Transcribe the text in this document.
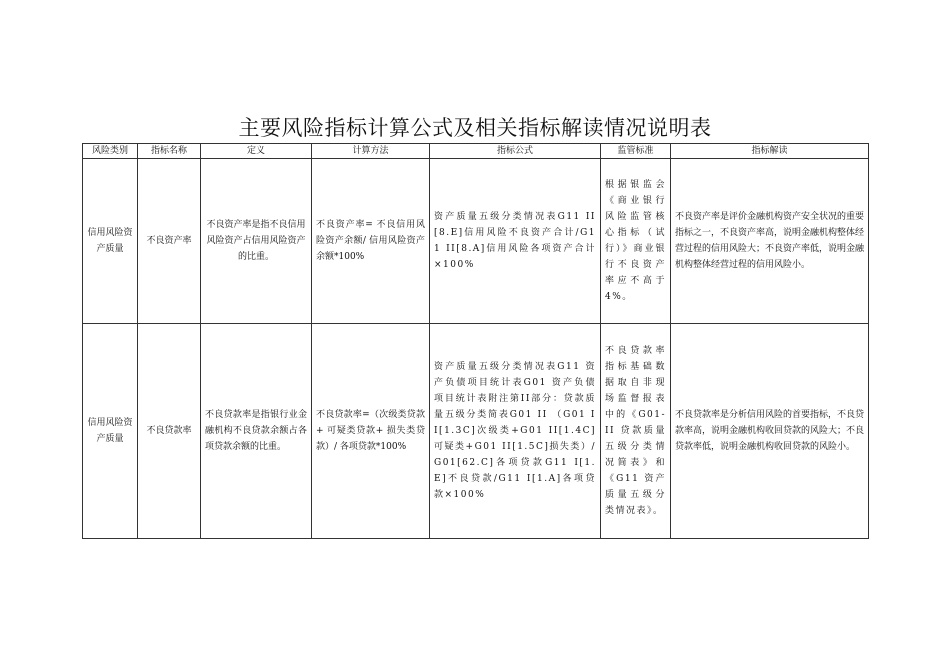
主要风险指标计算公式及相关指标解读情况说明表
风险类别	指标名称	定义	计算方法	指标公式	监管标准	指标解读
信用风险资产质量	不良资产率	不良资产率是指不良信用风险资产占信用风险资产的比重。	不良资产率= 不良信用风险资产余额/ 信用风险资产余额*100%	资产质量五级分类情况表G11 II[8.E]信用风险不良资产合计/G11 II[8.A]信用风险各项资产合计×100%	根据银监会《商业银行风险监管核心指标（试行）》商业银行不良资产率应不高于4%。	不良资产率是评价金融机构资产安全状况的重要指标之一，不良资产率高，说明金融机构整体经营过程的信用风险大；不良资产率低，说明金融机构整体经营过程的信用风险小。
信用风险资产质量	不良贷款率	不良贷款率是指银行业金融机构不良贷款余额占各项贷款余额的比重。	不良贷款率=（次级类贷款+ 可疑类贷款+ 损失类贷款）/ 各项贷款*100%	资产质量五级分类情况表G11 资产负债项目统计表G01 资产负债项目统计表附注第II部分：贷款质量五级分类简表G01 II （G01 II[1.3C]次级类+G01 II[1.4C]可疑类+G01 II[1.5C]损失类）/G01[62.C]各项贷款G11 I[1.E]不良贷款/G11 I[1.A]各项贷款×100%	不良贷款率指标基础数据取自非现场监督报表中的《G01-II 贷款质量五级分类情况简表》和《G11 资产质量五级分类情况表》。	不良贷款率是分析信用风险的首要指标，不良贷款率高，说明金融机构收回贷款的风险大；不良贷款率低，说明金融机构收回贷款的风险小。
